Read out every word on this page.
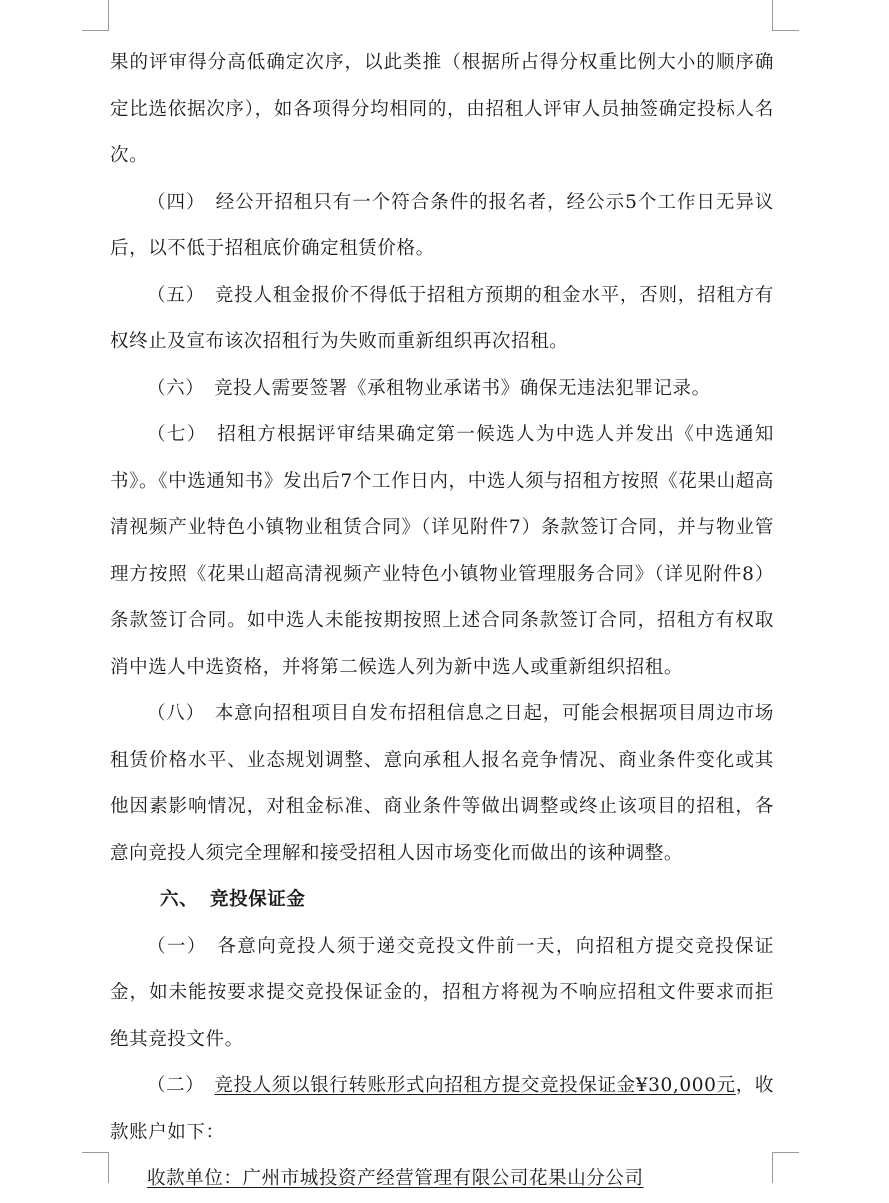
果的评审得分高低确定次序，以此类推（根据所占得分权重比例大小的顺序确定比选依据次序），如各项得分均相同的，由招租人评审人员抽签确定投标人名次。

（四）　经公开招租只有一个符合条件的报名者，经公示5个工作日无异议后，以不低于招租底价确定租赁价格。

（五）　竞投人租金报价不得低于招租方预期的租金水平，否则，招租方有权终止及宣布该次招租行为失败而重新组织再次招租。

（六）　竞投人需要签署《承租物业承诺书》确保无违法犯罪记录。

（七）　招租方根据评审结果确定第一候选人为中选人并发出《中选通知书》。《中选通知书》发出后7个工作日内，中选人须与招租方按照《花果山超高清视频产业特色小镇物业租赁合同》（详见附件7）条款签订合同，并与物业管理方按照《花果山超高清视频产业特色小镇物业管理服务合同》（详见附件8）条款签订合同。如中选人未能按期按照上述合同条款签订合同，招租方有权取消中选人中选资格，并将第二候选人列为新中选人或重新组织招租。

（八）　本意向招租项目自发布招租信息之日起，可能会根据项目周边市场租赁价格水平、业态规划调整、意向承租人报名竞争情况、商业条件变化或其他因素影响情况，对租金标准、商业条件等做出调整或终止该项目的招租，各意向竞投人须完全理解和接受招租人因市场变化而做出的该种调整。

六、 竞投保证金

（一）　各意向竞投人须于递交竞投文件前一天，向招租方提交竞投保证金，如未能按要求提交竞投保证金的，招租方将视为不响应招租文件要求而拒绝其竞投文件。

（二）　竞投人须以银行转账形式向招租方提交竞投保证金¥30,000元，收款账户如下：

收款单位：广州市城投资产经营管理有限公司花果山分公司
